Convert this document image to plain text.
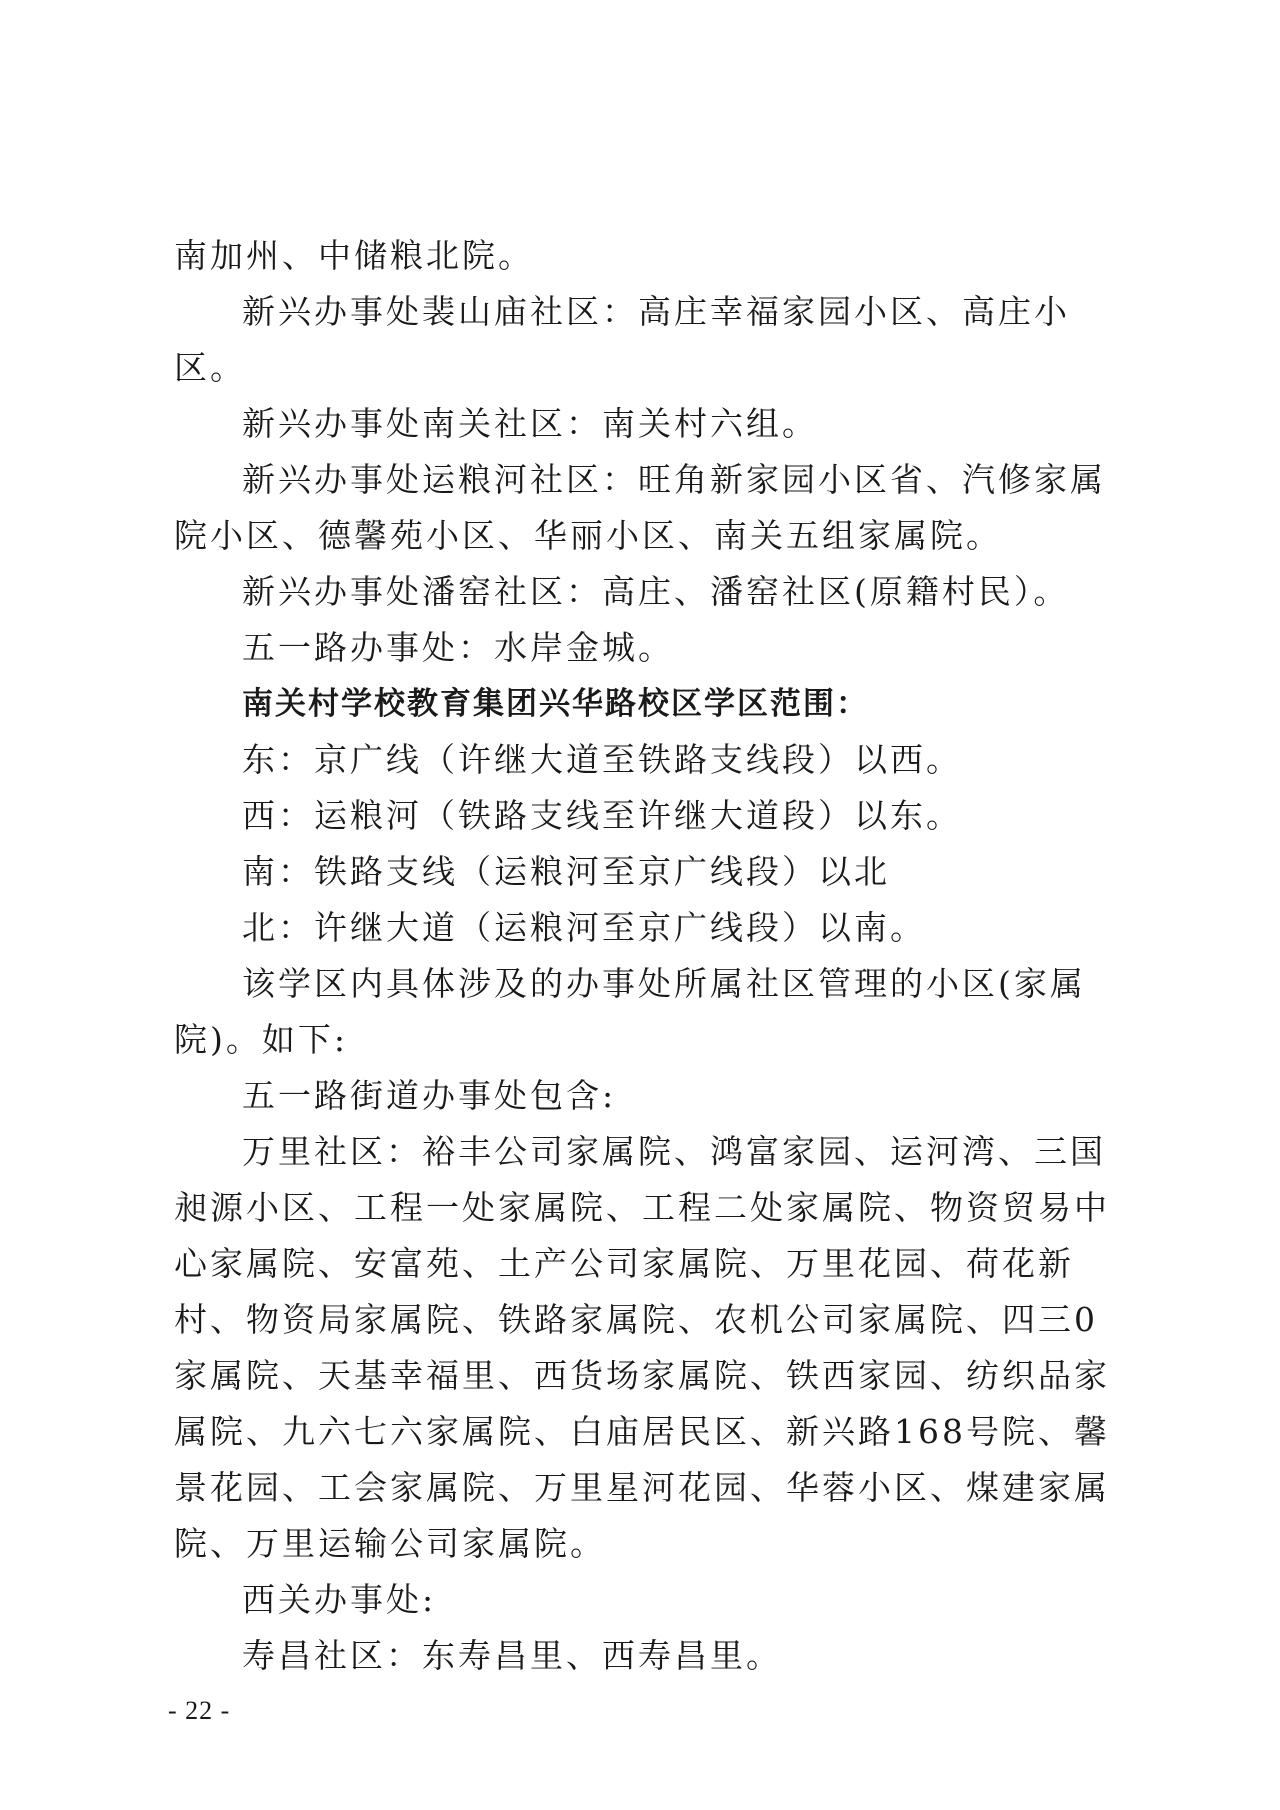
南加州、中储粮北院。

新兴办事处裴山庙社区：高庄幸福家园小区、高庄小区。

新兴办事处南关社区：南关村六组。

新兴办事处运粮河社区：旺角新家园小区省、汽修家属院小区、德馨苑小区、华丽小区、南关五组家属院。

新兴办事处潘窑社区：高庄、潘窑社区(原籍村民）。

五一路办事处：水岸金城。

南关村学校教育集团兴华路校区学区范围：

东：京广线（许继大道至铁路支线段）以西。

西：运粮河（铁路支线至许继大道段）以东。

南：铁路支线（运粮河至京广线段）以北

北：许继大道（运粮河至京广线段）以南。

该学区内具体涉及的办事处所属社区管理的小区(家属院)。如下:

五一路街道办事处包含:

万里社区：裕丰公司家属院、鸿富家园、运河湾、三国昶源小区、工程一处家属院、工程二处家属院、物资贸易中心家属院、安富苑、土产公司家属院、万里花园、荷花新村、物资局家属院、铁路家属院、农机公司家属院、四三0家属院、天基幸福里、西货场家属院、铁西家园、纺织品家属院、九六七六家属院、白庙居民区、新兴路168号院、馨景花园、工会家属院、万里星河花园、华蓉小区、煤建家属院、万里运输公司家属院。

西关办事处:

寿昌社区：东寿昌里、西寿昌里。

- 22 -
